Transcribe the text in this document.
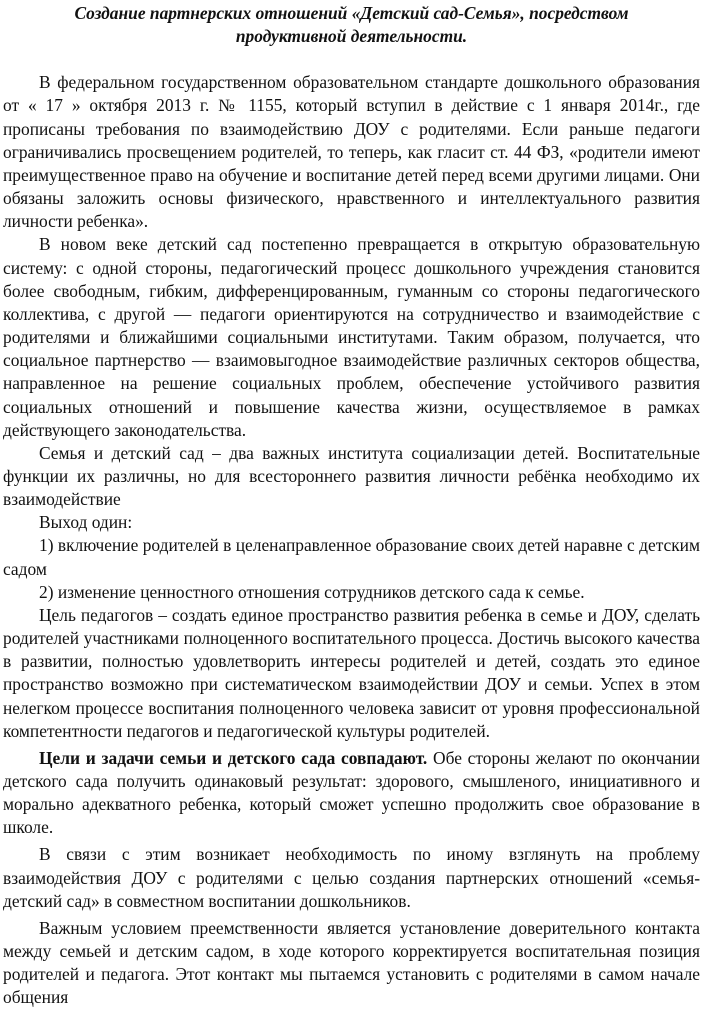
Создание партнерских отношений «Детский сад-Семья», посредством продуктивной деятельности.

В федеральном государственном образовательном стандарте дошкольного образования от « 17 » октября 2013 г. № 1155, который вступил в действие с 1 января 2014г., где прописаны требования по взаимодействию ДОУ с родителями. Если раньше педагоги ограничивались просвещением родителей, то теперь, как гласит ст. 44 ФЗ, «родители имеют преимущественное право на обучение и воспитание детей перед всеми другими лицами. Они обязаны заложить основы физического, нравственного и интеллектуального развития личности ребенка».

В новом веке детский сад постепенно превращается в открытую образовательную систему: с одной стороны, педагогический процесс дошкольного учреждения становится более свободным, гибким, дифференцированным, гуманным со стороны педагогического коллектива, с другой — педагоги ориентируются на сотрудничество и взаимодействие с родителями и ближайшими социальными институтами. Таким образом, получается, что социальное партнерство — взаимовыгодное взаимодействие различных секторов общества, направленное на решение социальных проблем, обеспечение устойчивого развития социальных отношений и повышение качества жизни, осуществляемое в рамках действующего законодательства.

Семья и детский сад – два важных института социализации детей. Воспитательные функции их различны, но для всестороннего развития личности ребёнка необходимо их взаимодействие

Выход один:

1) включение родителей в целенаправленное образование своих детей наравне с детским садом

2) изменение ценностного отношения сотрудников детского сада к семье.

Цель педагогов – создать единое пространство развития ребенка в семье и ДОУ, сделать родителей участниками полноценного воспитательного процесса. Достичь высокого качества в развитии, полностью удовлетворить интересы родителей и детей, создать это единое пространство возможно при систематическом взаимодействии ДОУ и семьи. Успех в этом нелегком процессе воспитания полноценного человека зависит от уровня профессиональной компетентности педагогов и педагогической культуры родителей.

Цели и задачи семьи и детского сада совпадают. Обе стороны желают по окончании детского сада получить одинаковый результат: здорового, смышленого, инициативного и морально адекватного ребенка, который сможет успешно продолжить свое образование в школе.

В связи с этим возникает необходимость по иному взглянуть на проблему взаимодействия ДОУ с родителями с целью создания партнерских отношений «семья-детский сад» в совместном воспитании дошкольников.

Важным условием преемственности является установление доверительного контакта между семьей и детским садом, в ходе которого корректируется воспитательная позиция родителей и педагога. Этот контакт мы пытаемся установить с родителями в самом начале общения
